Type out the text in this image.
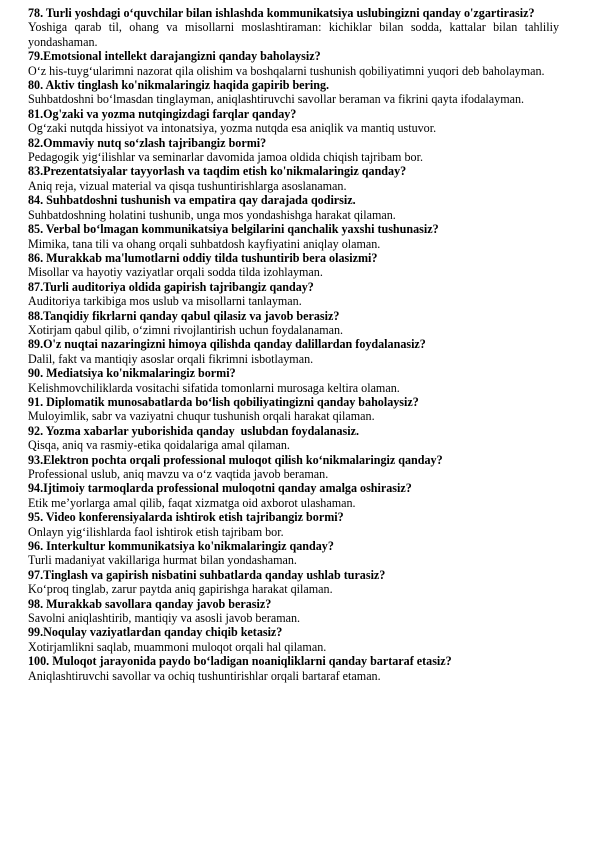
78. Turli yoshdagi o‘quvchilar bilan ishlashda kommunikatsiya uslubingizni qanday o'zgartirasiz?
Yoshiga qarab til, ohang va misollarni moslashtiraman: kichiklar bilan sodda, kattalar bilan tahliliy yondashaman.
79.Emotsional intellekt darajangizni qanday baholaysiz?
O‘z his-tuyg‘ularimni nazorat qila olishim va boshqalarni tushunish qobiliyatimni yuqori deb baholayman.
80. Aktiv tinglash ko'nikmalaringiz haqida gapirib bering.
Suhbatdoshni bo‘lmasdan tinglayman, aniqlashtiruvchi savollar beraman va fikrini qayta ifodalayman.
81.Og'zaki va yozma nutqingizdagi farqlar qanday?
Og‘zaki nutqda hissiyot va intonatsiya, yozma nutqda esa aniqlik va mantiq ustuvor.
82.Ommaviy nutq so‘zlash tajribangiz bormi?
Pedagogik yig‘ilishlar va seminarlar davomida jamoa oldida chiqish tajribam bor.
83.Prezentatsiyalar tayyorlash va taqdim etish ko'nikmalaringiz qanday?
Aniq reja, vizual material va qisqa tushuntirishlarga asoslanaman.
84. Suhbatdoshni tushunish va empatira qay darajada qodirsiz.
Suhbatdoshning holatini tushunib, unga mos yondashishga harakat qilaman.
85. Verbal bo‘lmagan kommunikatsiya belgilarini qanchalik yaxshi tushunasiz?
Mimika, tana tili va ohang orqali suhbatdosh kayfiyatini aniqlay olaman.
86. Murakkab ma'lumotlarni oddiy tilda tushuntirib bera olasizmi?
Misollar va hayotiy vaziyatlar orqali sodda tilda izohlayman.
87.Turli auditoriya oldida gapirish tajribangiz qanday?
Auditoriya tarkibiga mos uslub va misollarni tanlayman.
88.Tanqidiy fikrlarni qanday qabul qilasiz va javob berasiz?
Xotirjam qabul qilib, o‘zimni rivojlantirish uchun foydalanaman.
89.O'z nuqtai nazaringizni himoya qilishda qanday dalillardan foydalanasiz?
Dalil, fakt va mantiqiy asoslar orqali fikrimni isbotlayman.
90. Mediatsiya ko'nikmalaringiz bormi?
Kelishmovchiliklarda vositachi sifatida tomonlarni murosaga keltira olaman.
91. Diplomatik munosabatlarda bo‘lish qobiliyatingizni qanday baholaysiz?
Muloyimlik, sabr va vaziyatni chuqur tushunish orqali harakat qilaman.
92. Yozma xabarlar yuborishida qanday  uslubdan foydalanasiz.
Qisqa, aniq va rasmiy-etika qoidalariga amal qilaman.
93.Elektron pochta orqali professional muloqot qilish ko‘nikmalaringiz qanday?
Professional uslub, aniq mavzu va o‘z vaqtida javob beraman.
94.Ijtimoiy tarmoqlarda professional muloqotni qanday amalga oshirasiz?
Etik me’yorlarga amal qilib, faqat xizmatga oid axborot ulashaman.
95. Video konferensiyalarda ishtirok etish tajribangiz bormi?
Onlayn yig‘ilishlarda faol ishtirok etish tajribam bor.
96. Interkultur kommunikatsiya ko'nikmalaringiz qanday?
Turli madaniyat vakillariga hurmat bilan yondashaman.
97.Tinglash va gapirish nisbatini suhbatlarda qanday ushlab turasiz?
Ko‘proq tinglab, zarur paytda aniq gapirishga harakat qilaman.
98. Murakkab savollara qanday javob berasiz?
Savolni aniqlashtirib, mantiqiy va asosli javob beraman.
99.Noqulay vaziyatlardan qanday chiqib ketasiz?
Xotirjamlikni saqlab, muammoni muloqot orqali hal qilaman.
100. Muloqot jarayonida paydo bo‘ladigan noaniqliklarni qanday bartaraf etasiz?
Aniqlashtiruvchi savollar va ochiq tushuntirishlar orqali bartaraf etaman.
